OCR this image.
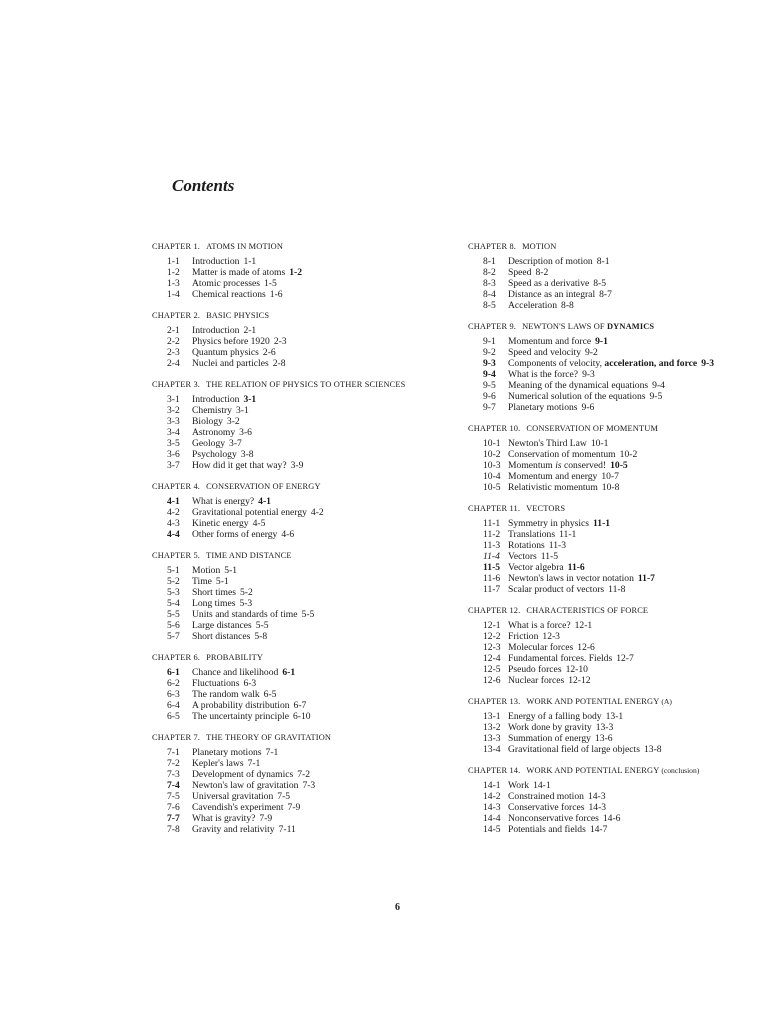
Contents
CHAPTER 1. ATOMS IN MOTION
1-1	Introduction 1-1
1-2	Matter is made of atoms 1-2
1-3	Atomic processes 1-5
1-4	Chemical reactions 1-6
CHAPTER 2. BASIC PHYSICS
2-1	Introduction 2-1
2-2	Physics before 1920 2-3
2-3	Quantum physics 2-6
2-4	Nuclei and particles 2-8
CHAPTER 3. THE RELATION OF PHYSICS TO OTHER SCIENCES
3-1	Introduction 3-1
3-2	Chemistry 3-1
3-3	Biology 3-2
3-4	Astronomy 3-6
3-5	Geology 3-7
3-6	Psychology 3-8
3-7	How did it get that way? 3-9
CHAPTER 4. CONSERVATION OF ENERGY
4-1	What is energy? 4-1
4-2	Gravitational potential energy 4-2
4-3	Kinetic energy 4-5
4-4	Other forms of energy 4-6
CHAPTER 5. TIME AND DISTANCE
5-1	Motion 5-1
5-2	Time 5-1
5-3	Short times 5-2
5-4	Long times 5-3
5-5	Units and standards of time 5-5
5-6	Large distances 5-5
5-7	Short distances 5-8
CHAPTER 6. PROBABILITY
6-1	Chance and likelihood 6-1
6-2	Fluctuations 6-3
6-3	The random walk 6-5
6-4	A probability distribution 6-7
6-5	The uncertainty principle 6-10
CHAPTER 7. THE THEORY OF GRAVITATION
7-1	Planetary motions 7-1
7-2	Kepler's laws 7-1
7-3	Development of dynamics 7-2
7-4	Newton's law of gravitation 7-3
7-5	Universal gravitation 7-5
7-6	Cavendish's experiment 7-9
7-7	What is gravity? 7-9
7-8	Gravity and relativity 7-11
CHAPTER 8. MOTION
8-1	Description of motion 8-1
8-2	Speed 8-2
8-3	Speed as a derivative 8-5
8-4	Distance as an integral 8-7
8-5	Acceleration 8-8
CHAPTER 9. NEWTON'S LAWS OF DYNAMICS
9-1	Momentum and force 9-1
9-2	Speed and velocity 9-2
9-3	Components of velocity, acceleration, and force 9-3
9-4	What is the force? 9-3
9-5	Meaning of the dynamical equations 9-4
9-6	Numerical solution of the equations 9-5
9-7	Planetary motions 9-6
CHAPTER 10. CONSERVATION OF MOMENTUM
10-1 Newton's Third Law 10-1
10-2 Conservation of momentum 10-2
10-3 Momentum is conserved! 10-5
10-4 Momentum and energy 10-7
10-5 Relativistic momentum 10-8
CHAPTER 11. VECTORS
11-1 Symmetry in physics 11-1
11-2 Translations 11-1
11-3 Rotations 11-3
11-4 Vectors 11-5
11-5 Vector algebra 11-6
11-6 Newton's laws in vector notation 11-7
11-7 Scalar product of vectors 11-8
CHAPTER 12. CHARACTERISTICS OF FORCE
12-1 What is a force? 12-1
12-2 Friction 12-3
12-3 Molecular forces 12-6
12-4 Fundamental forces. Fields 12-7
12-5 Pseudo forces 12-10
12-6 Nuclear forces 12-12
CHAPTER 13. WORK AND POTENTIAL ENERGY (A)
13-1 Energy of a falling body 13-1
13-2 Work done by gravity 13-3
13-3 Summation of energy 13-6
13-4 Gravitational field of large objects 13-8
CHAPTER 14. WORK AND POTENTIAL ENERGY (conclusion)
14-1 Work 14-1
14-2 Constrained motion 14-3
14-3 Conservative forces 14-3
14-4 Nonconservative forces 14-6
14-5 Potentials and fields 14-7
6
